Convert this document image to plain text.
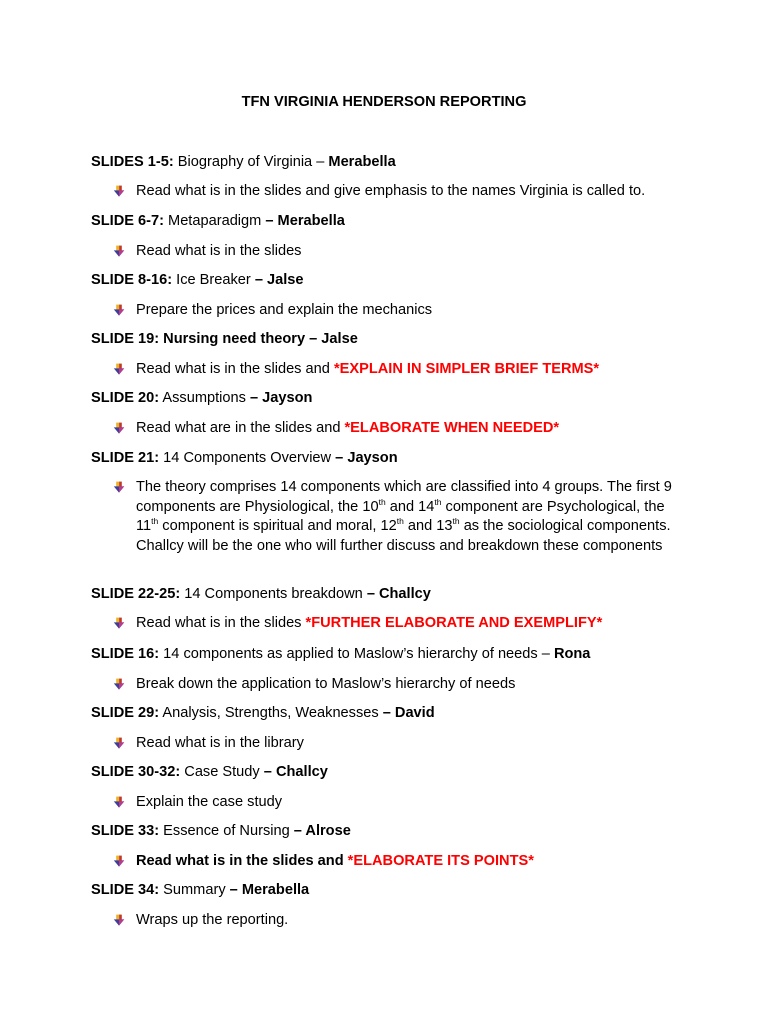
TFN VIRGINIA HENDERSON REPORTING
SLIDES 1-5: Biography of Virginia – Merabella
Read what is in the slides and give emphasis to the names Virginia is called to.
SLIDE 6-7: Metaparadigm – Merabella
Read what is in the slides
SLIDE 8-16: Ice Breaker – Jalse
Prepare the prices and explain the mechanics
SLIDE 19: Nursing need theory – Jalse
Read what is in the slides and *EXPLAIN IN SIMPLER BRIEF TERMS*
SLIDE 20: Assumptions – Jayson
Read what are in the slides and *ELABORATE WHEN NEEDED*
SLIDE 21: 14 Components Overview – Jayson
The theory comprises 14 components which are classified into 4 groups. The first 9 components are Physiological, the 10th and 14th component are Psychological, the 11th component is spiritual and moral, 12th and 13th as the sociological components. Challcy will be the one who will further discuss and breakdown these components
SLIDE 22-25: 14 Components breakdown – Challcy
Read what is in the slides *FURTHER ELABORATE AND EXEMPLIFY*
SLIDE 16: 14 components as applied to Maslow’s hierarchy of needs – Rona
Break down the application to Maslow’s hierarchy of needs
SLIDE 29: Analysis, Strengths, Weaknesses – David
Read what is in the library
SLIDE 30-32: Case Study – Challcy
Explain the case study
SLIDE 33: Essence of Nursing – Alrose
Read what is in the slides and *ELABORATE ITS POINTS*
SLIDE 34: Summary – Merabella
Wraps up the reporting.
